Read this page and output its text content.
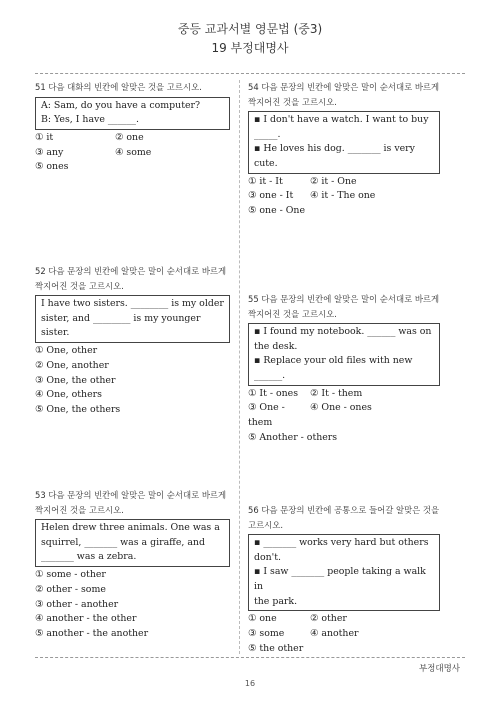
중등 교과서별 영문법 (중3)
19 부정대명사
51 다음 대화의 빈칸에 알맞은 것을 고르시오.
A: Sam, do you have a computer?
B: Yes, I have ______.
① it	② one
③ any	④ some
⑤ ones
52 다음 문장의 빈칸에 알맞은 말이 순서대로 바르게
짝지어진 것을 고르시오.
I have two sisters. ________ is my older
sister, and ________ is my younger sister.
① One, other
② One, another
③ One, the other
④ One, others
⑤ One, the others
53 다음 문장의 빈칸에 알맞은 말이 순서대로 바르게
짝지어진 것을 고르시오.
Helen drew three animals. One was a
squirrel, _______ was a giraffe, and
_______ was a zebra.
① some - other
② other - some
③ other - another
④ another - the other
⑤ another - the another
54 다음 문장의 빈칸에 알맞은 말이 순서대로 바르게
짝지어진 것을 고르시오.
▪ I don't have a watch. I want to buy
_____.
▪ He loves his dog. _______ is very cute.
① it - It	② it - One
③ one - It	④ it - The one
⑤ one - One
55 다음 문장의 빈칸에 알맞은 말이 순서대로 바르게
짝지어진 것을 고르시오.
▪ I found my notebook. ______ was on
the desk.
▪ Replace your old files with new ______.
① It - ones	② It - them
③ One - them
④ One - ones
⑤ Another - others
56 다음 문장의 빈칸에 공통으로 들어갈 알맞은 것을
고르시오.
▪ _______ works very hard but others
don't.
▪ I saw _______ people taking a walk in
the park.
① one	② other
③ some	④ another
⑤ the other
부정대명사
16
